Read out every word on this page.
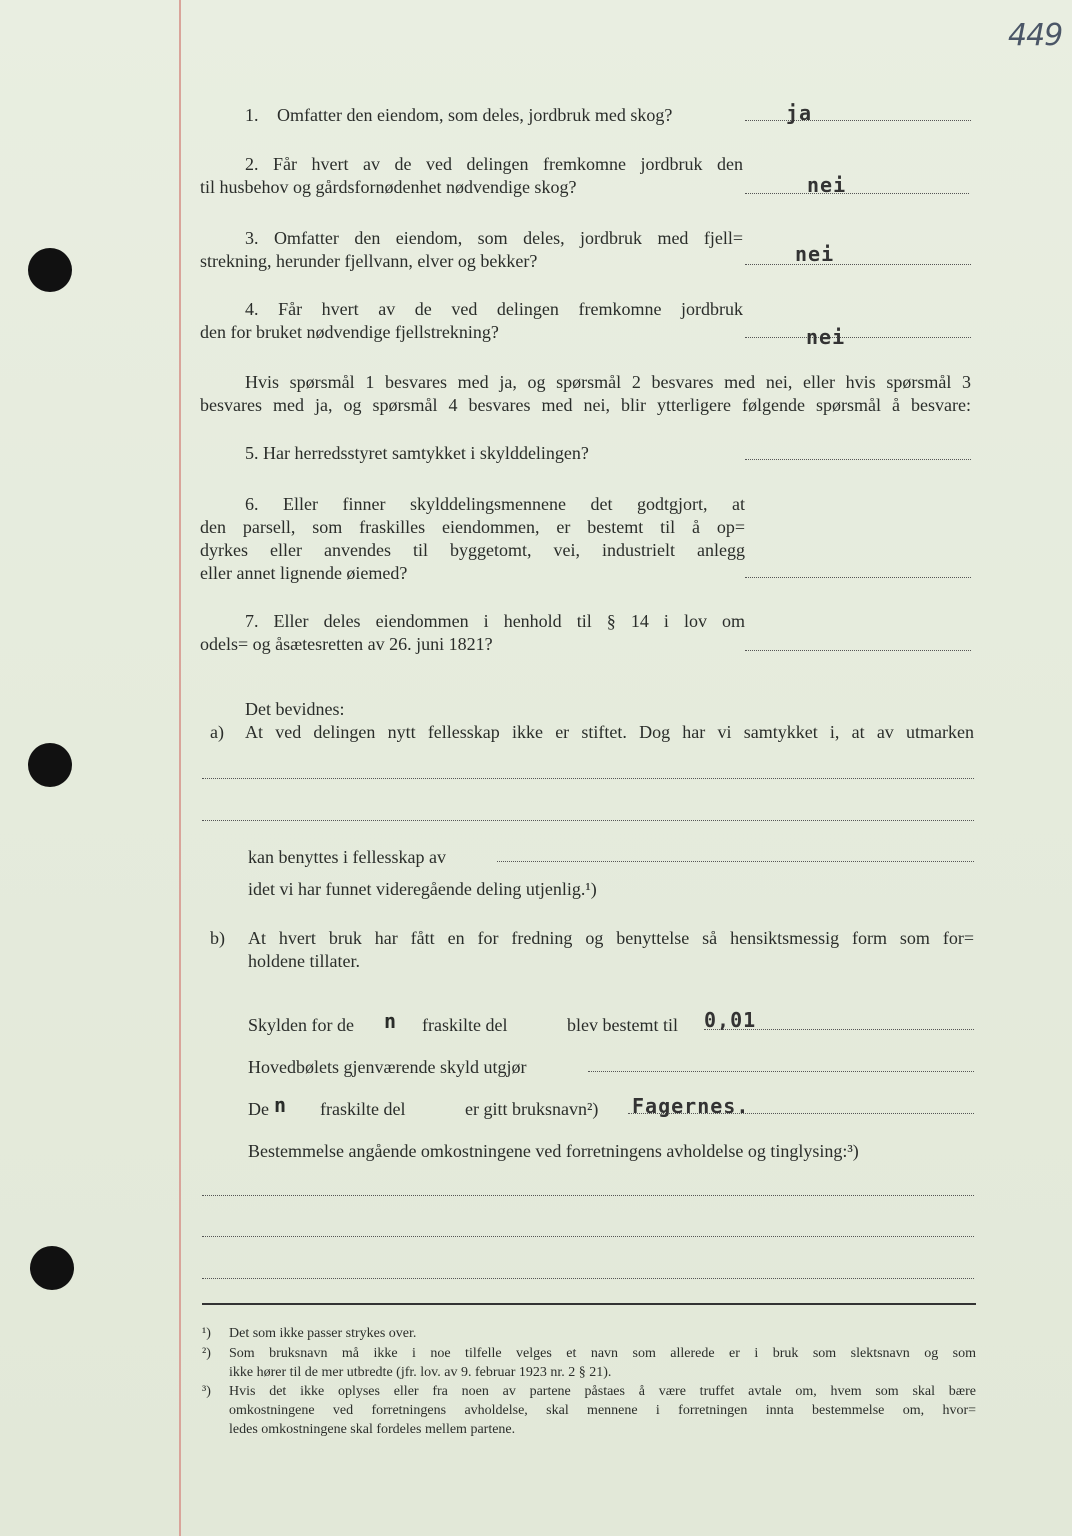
449
1. Omfatter den eiendom, som deles, jordbruk med skog?	ja
2. Får hvert av de ved delingen fremkomne jordbruk den
til husbehov og gårdsfornødenhet nødvendige skog?	nei
3. Omfatter den eiendom, som deles, jordbruk med fjell=
strekning, herunder fjellvann, elver og bekker?	nei
4. Får hvert av de ved delingen fremkomne jordbruk
den for bruket nødvendige fjellstrekning?	nei
Hvis spørsmål 1 besvares med ja, og spørsmål 2 besvares med nei, eller hvis spørsmål 3
besvares med ja, og spørsmål 4 besvares med nei, blir ytterligere følgende spørsmål å besvare:
5. Har herredsstyret samtykket i skylddelingen?
6. Eller finner skylddelingsmennene det godtgjort, at
den parsell, som fraskilles eiendommen, er bestemt til å op=
dyrkes eller anvendes til byggetomt, vei, industrielt anlegg
eller annet lignende øiemed?
7. Eller deles eiendommen i henhold til § 14 i lov om
odels= og åsætesretten av 26. juni 1821?
Det bevidnes:
a) At ved delingen nytt fellesskap ikke er stiftet. Dog har vi samtykket i, at av utmarken
kan benyttes i fellesskap av
idet vi har funnet videregående deling utjenlig.¹)
b) At hvert bruk har fått en for fredning og benyttelse så hensiktsmessig form som for=
holdene tillater.
Skylden for de n fraskilte del	blev bestemt til 0,01
Hovedbølets gjenværende skyld utgjør
De n fraskilte del	er gitt bruksnavn²) Fagernes.
Bestemmelse angående omkostningene ved forretningens avholdelse og tinglysing:³)
¹) Det som ikke passer strykes over.
²) Som bruksnavn må ikke i noe tilfelle velges et navn som allerede er i bruk som slektsnavn og som
ikke hører til de mer utbredte (jfr. lov. av 9. februar 1923 nr. 2 § 21).
³) Hvis det ikke oplyses eller fra noen av partene påstaes å være truffet avtale om, hvem som skal bære
omkostningene ved forretningens avholdelse, skal mennene i forretningen innta bestemmelse om, hvor=
ledes omkostningene skal fordeles mellem partene.
